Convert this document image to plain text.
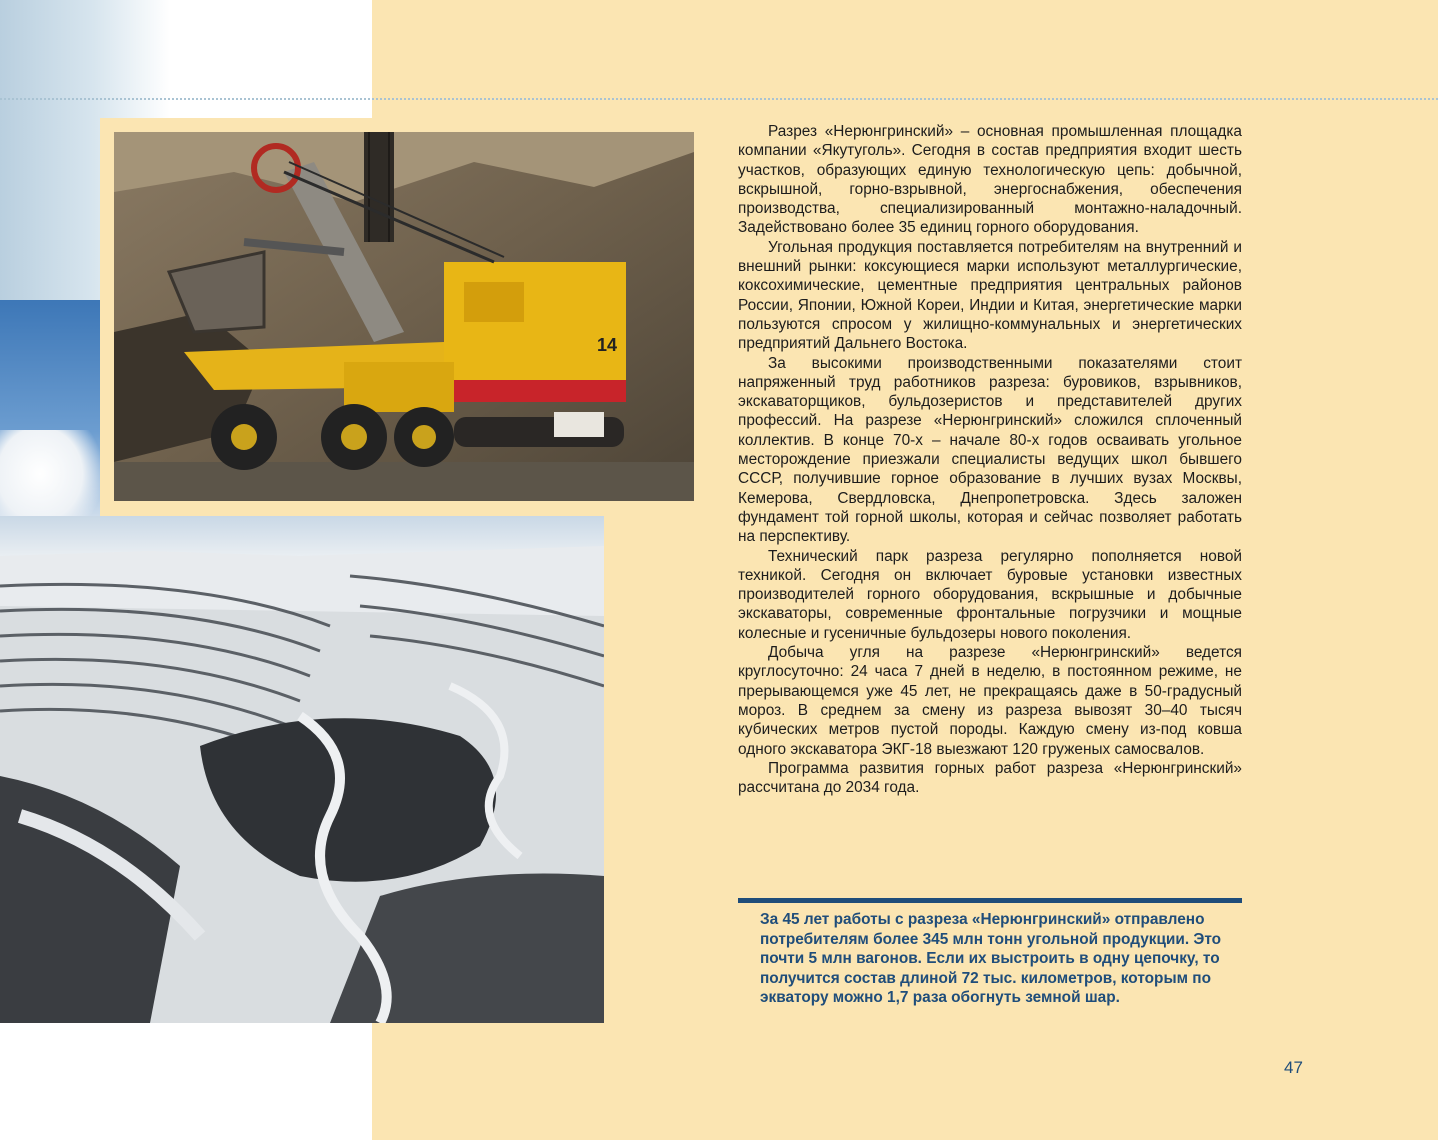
14

Разрез «Нерюнгринский» – основная промышленная площадка компании «Якутуголь». Сегодня в состав предприятия входит шесть участков, образующих единую технологическую цепь: добычной, вскрышной, горно-взрывной, энергоснабжения, обеспечения производства, специализированный монтажно-наладочный. Задействовано более 35 единиц горного оборудования.

Угольная продукция поставляется потребителям на внутренний и внешний рынки: коксующиеся марки используют металлургические, коксохимические, цементные предприятия центральных районов России, Японии, Южной Кореи, Индии и Китая, энергетические марки пользуются спросом у жилищно-коммунальных и энергетических предприятий Дальнего Востока.

За высокими производственными показателями стоит напряженный труд работников разреза: буровиков, взрывников, экскаваторщиков, бульдозеристов и представителей других профессий. На разрезе «Нерюнгринский» сложился сплоченный коллектив. В конце 70-х – начале 80-х годов осваивать угольное месторождение приезжали специалисты ведущих школ бывшего СССР, получившие горное образование в лучших вузах Москвы, Кемерова, Свердловска, Днепропетровска. Здесь заложен фундамент той горной школы, которая и сейчас позволяет работать на перспективу.

Технический парк разреза регулярно пополняется новой техникой. Сегодня он включает буровые установки известных производителей горного оборудования, вскрышные и добычные экскаваторы, современные фронтальные погрузчики и мощные колесные и гусеничные бульдозеры нового поколения.

Добыча угля на разрезе «Нерюнгринский» ведется круглосуточно: 24 часа 7 дней в неделю, в постоянном режиме, не прерывающемся уже 45 лет, не прекращаясь даже в 50-градусный мороз. В среднем за смену из разреза вывозят 30–40 тысяч кубических метров пустой породы. Каждую смену из-под ковша одного экскаватора ЭКГ-18 выезжают 120 груженых самосвалов.

Программа развития горных работ разреза «Нерюнгринский» рассчитана до 2034 года.

За 45 лет работы с разреза «Нерюнгринский» отправлено потребителям более 345 млн тонн угольной продукции. Это почти 5 млн вагонов. Если их выстроить в одну цепочку, то получится состав длиной 72 тыс. километров, которым по экватору можно 1,7 раза обогнуть земной шар.

47
